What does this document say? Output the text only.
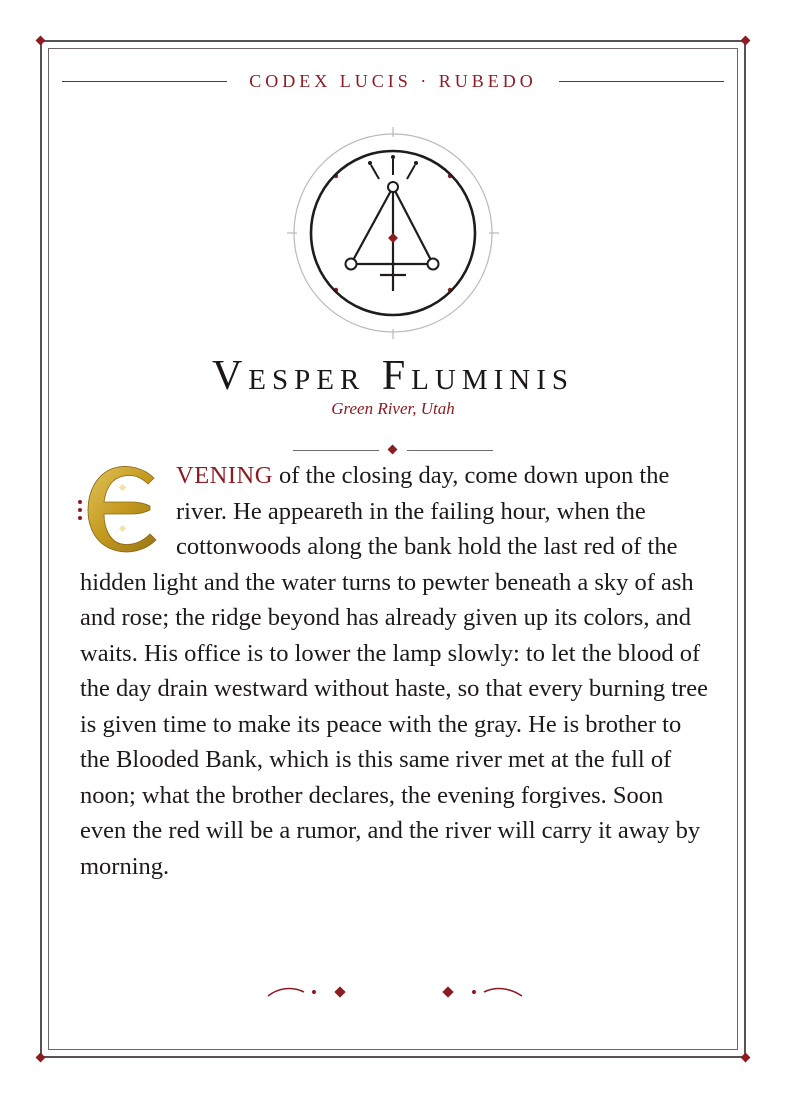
CODEX LUCIS · RUBEDO
Vesper Fluminis
Green River, Utah
VENING of the closing day, come down upon the river. He appeareth in the failing hour, when the cottonwoods along the bank hold the last red of the hidden light and the water turns to pewter beneath a sky of ash and rose; the ridge beyond has already given up its colors, and waits. His office is to lower the lamp slowly: to let the blood of the day drain westward without haste, so that every burning tree is given time to make its peace with the gray. He is brother to the Blooded Bank, which is this same river met at the full of noon; what the brother declares, the evening forgives. Soon even the red will be a rumor, and the river will carry it away by morning.
